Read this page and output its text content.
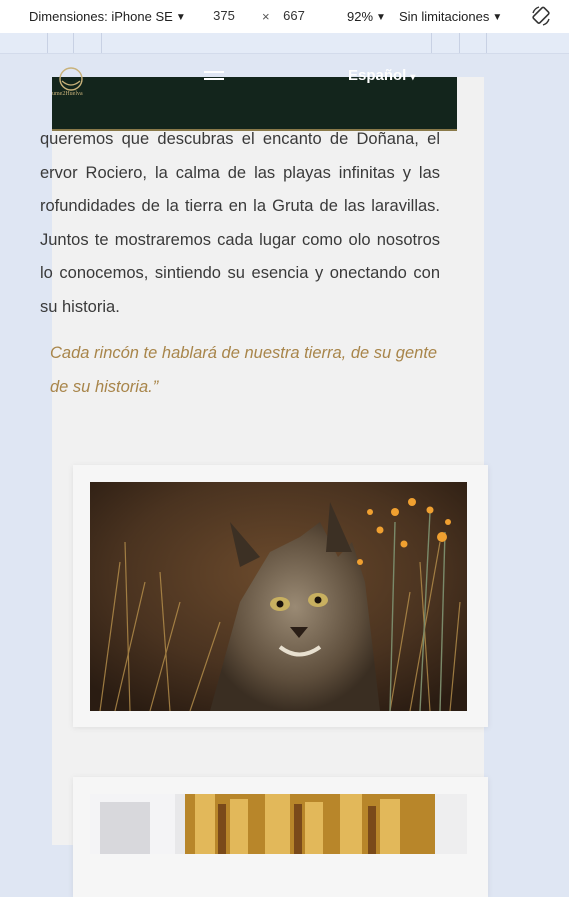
Dimensiones: iPhone SE ▼	375	×	667	92% ▼ Sin limitaciones ▼
ume2Huelva
Español ▾

queremos que descubras el encanto de Doñana, el ervor Rociero, la calma de las playas infinitas y las rofundidades de la tierra en la Gruta de las laravillas. Juntos te mostraremos cada lugar como olo nosotros lo conocemos, sintiendo su esencia y onectando con su historia.

Cada rincón te hablará de nuestra tierra, de su gente de su historia.”
